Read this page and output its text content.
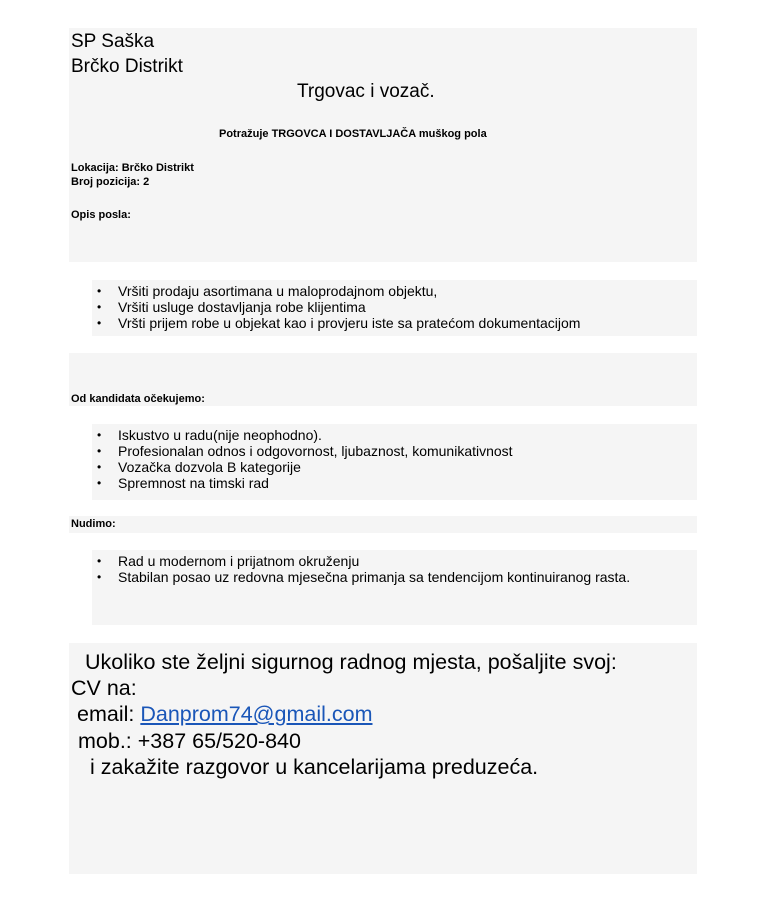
SP Saška
Brčko Distrikt
Trgovac i vozač.
Potražuje TRGOVCA I DOSTAVLJAČA muškog pola
Lokacija: Brčko Distrikt
Broj pozicija: 2
Opis posla:
• Vršiti prodaju asortimana u maloprodajnom objektu,
• Vršiti usluge dostavljanja robe klijentima
• Vršti prijem robe u objekat kao i provjeru iste sa pratećom dokumentacijom
Od kandidata očekujemo:
• Iskustvo u radu(nije neophodno).
• Profesionalan odnos i odgovornost, ljubaznost, komunikativnost
• Vozačka dozvola B kategorije
• Spremnost na timski rad
Nudimo:
• Rad u modernom i prijatnom okruženju
• Stabilan posao uz redovna mjesečna primanja sa tendencijom kontinuiranog rasta.
Ukoliko ste željni sigurnog radnog mjesta, pošaljite svoj:
CV na:
email: Danprom74@gmail.com
mob.: +387 65/520-840
i zakažite razgovor u kancelarijama preduzeća.
